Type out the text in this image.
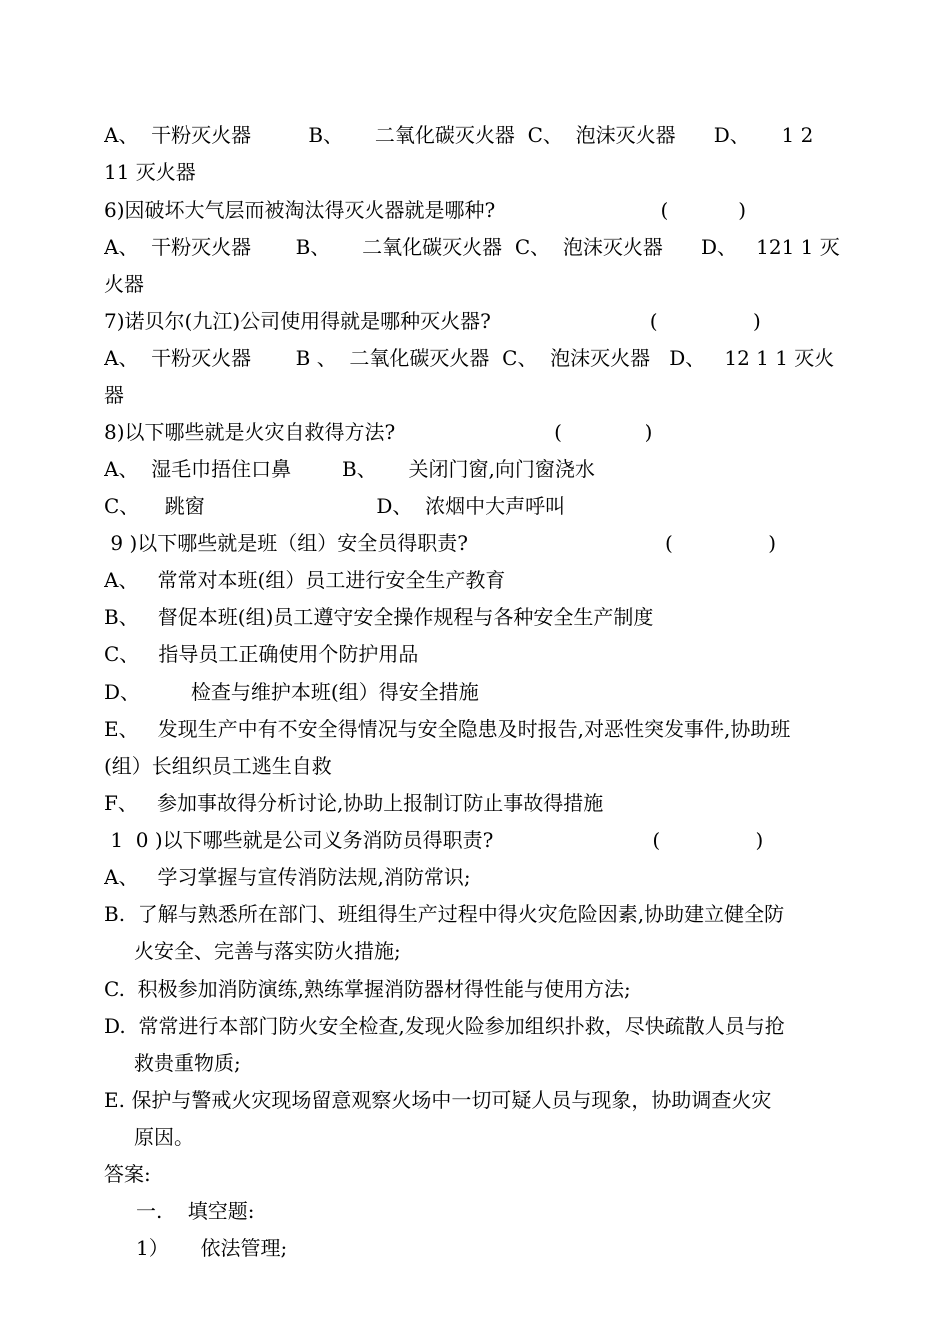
A、  干粉灭火器         B、     二氧化碳灭火器  C、  泡沫灭火器      D、     1 2
11 灭火器
6)因破坏大气层而被淘汰得灭火器就是哪种?                          (           )
A、  干粉灭火器       B、     二氧化碳灭火器  C、  泡沫灭火器      D、   121 1 灭
火器
7)诺贝尔(九江)公司使用得就是哪种灭火器?                         (               )
A、  干粉灭火器       B 、  二氧化碳灭火器  C、  泡沫灭火器   D、   12 1 1 灭火
器
8)以下哪些就是火灾自救得方法?                         (             )
A、  湿毛巾捂住口鼻        B、     关闭门窗,向门窗浇水
C、    跳窗                           D、  浓烟中大声呼叫
9 )以下哪些就是班（组）安全员得职责?                               (               )
A、   常常对本班(组）员工进行安全生产教育
B、   督促本班(组)员工遵守安全操作规程与各种安全生产制度
C、   指导员工正确使用个防护用品
D、        检查与维护本班(组）得安全措施
E、   发现生产中有不安全得情况与安全隐患及时报告,对恶性突发事件,协助班
(组）长组织员工逃生自救
F、   参加事故得分析讨论,协助上报制订防止事故得措施
1  0 )以下哪些就是公司义务消防员得职责?                         (               )
A、   学习掌握与宣传消防法规,消防常识;
B.  了解与熟悉所在部门、班组得生产过程中得火灾危险因素,协助建立健全防
火安全、完善与落实防火措施;
C.  积极参加消防演练,熟练掌握消防器材得性能与使用方法;
D.  常常进行本部门防火安全检查,发现火险参加组织扑救，尽快疏散人员与抢
救贵重物质;
E. 保护与警戒火灾现场留意观察火场中一切可疑人员与现象，协助调查火灾
原因。
答案:
一.    填空题:
1）     依法管理;
